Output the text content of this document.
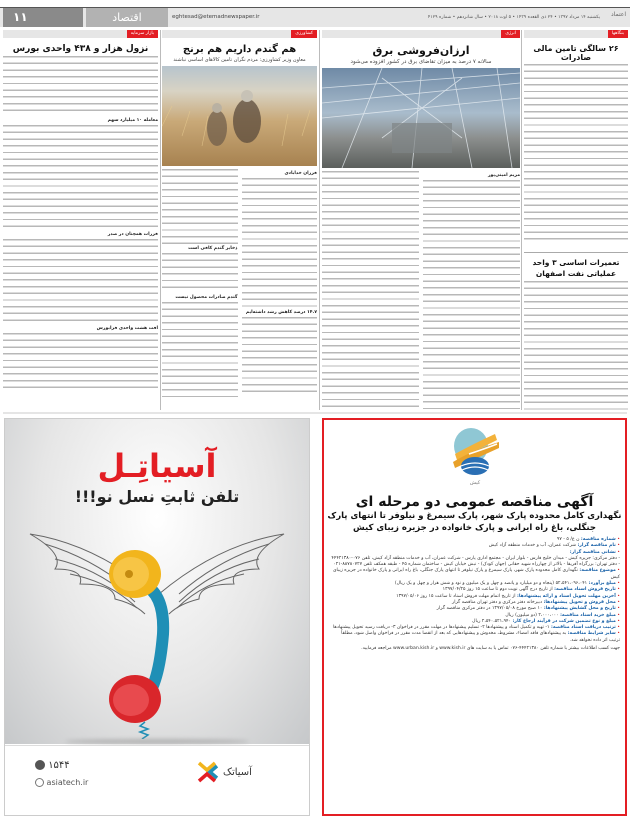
اعتماد
یکشنبه ۱۴ مرداد ۱۳۹۷ • ۲۴ ذی القعده ۱۴۳۹ • ۵ اوت ۲۰۱۸ • سال شانزدهم • شماره ۴۱۲۹
eghtesad@etemadnewspaper.ir
اقتصاد
۱۱
بنگاهها
انرژی
کشاورزی
بازار سرمایه
۲۶ سالگی تامین مالی صادرات
تعمیرات اساسی ۳ واحد عملیاتی نفت اصفهان
ارزان‌فروشی برق
سالانه ۷ درصد به میزان تقاضای برق در کشور افزوده می‌شود
مریم امینی‌پور
هم گندم داریم هم برنج
معاون وزیر کشاورزی: مردم نگران تامین کالاهای اساسی نباشند
فرزان خدابادی
۱۴.۷ درصد کاهش رشد داشته‌ایم
ذخایر گندم کافی است
گندم صادرات محصول نیست
نزول هزار و ۴۳۸ واحدی بورس
معامله ۱۰ میلیارد سهم
فزرات همچنان در صدر
افت هشت واحدی فرابورس
کیش
آگهی مناقصه عمومی دو مرحله ای
نگهداری کامل محدوده پارک شهر، پارک سیمرغ و نیلوفر تا انتهای پارک جنگلی، باغ راه ایرانی و پارک خانواده در جزیره زیبای کیش
• شماره مناقصه: ن ع/ ۵ - ۹۷
• نام مناقصه گزار: شرکت عمران، آب و خدمات منطقه آزاد کیش
• نشانی مناقصه گزار:
- دفتر مرکزی: جزیره کیش - میدان خلیج فارس - بلوار ایران - مجتمع اداری پارس - شرکت عمران، آب و خدمات منطقه آزاد کیش، تلفن ۰۷۶-۴۴۴۲۱۳۸۰
- دفتر تهران: بزرگراه آفریقا - بالاتر از چهارراه شهید حقانی (جهان کودک) - نبش خیابان کیش - ساختمان شماره ۴۵ - طبقه همکف تلفن ۸۸۷۸۰۷۲۷-۰۲۱
• موضوع مناقصه: نگهداری کامل محدوده پارک شهر، پارک سیمرغ و پارک نیلوفر تا انتهای پارک جنگلی، باغ راه ایرانی و پارک خانواده در جزیره زیبای کیش
• مبلغ برآورد: ۵۲،۵۴۱،۰۹۶،۰۴۱ (پنجاه و دو میلیارد و پانصد و چهل و یک میلیون و نود و شش هزار و چهل و یک ریال)
• تاریخ فروش اسناد مناقصه: از تاریخ درج آگهی نوبت دوم تا ساعت ۱۵ روز ۱۳۹۷/۰۴/۲۵
• آخرین مهلت تحویل اسناد و ارائه پیشنهادها: از تاریخ اتمام مهلت فروش اسناد تا ساعت ۱۵ روز ۱۳۹۷/۰۵/۰۶
• محل فروش و تحویل پیشنهادها: دبیرخانه دفتر مرکزی و دفتر تهران مناقصه گزار
• تاریخ و محل گشایش پیشنهادها: ۱۰ صبح مورخ ۱۳۹۷/۰۵/۰۸ در دفتر مرکزی مناقصه گزار
• مبلغ خرید اسناد مناقصه: ۲،۰۰۰،۰۰۰ (دو میلیون) ریال
• مبلغ و نوع تضمین شرکت در فرآیند ارجاع کار: ۲،۵۴۰،۵۲۱،۹۴۰ ریال
• ترتیب دریافت اسناد مناقصه: ۱- تهیه و تکمیل اسناد و پیشنهادها ۲- تسلیم پیشنهادها در مهلت مقرر در فراخوان ۳- دریافت رسید تحویل پیشنهادها
• سایر شرایط مناقصه: به پیشنهادهای فاقد امضاء، مشروط، مخدوش و پیشنهادهایی که بعد از انقضا مدت مقرر در فراخوان واصل شود، مطلقاً ترتیب اثر داده نخواهد شد.
جهت کسب اطلاعات بیشتر با شماره تلفن ۴۴۴۲۱۳۸۰-۰۷۶ تماس یا به سایت های www.kish.ir و www.urban.kish.ir مراجعه فرمایید.
آسیاتِـل
تلفن ثابتِ نسل نو!!!
۱۵۴۴
asiatech.ir
آسیاتک
